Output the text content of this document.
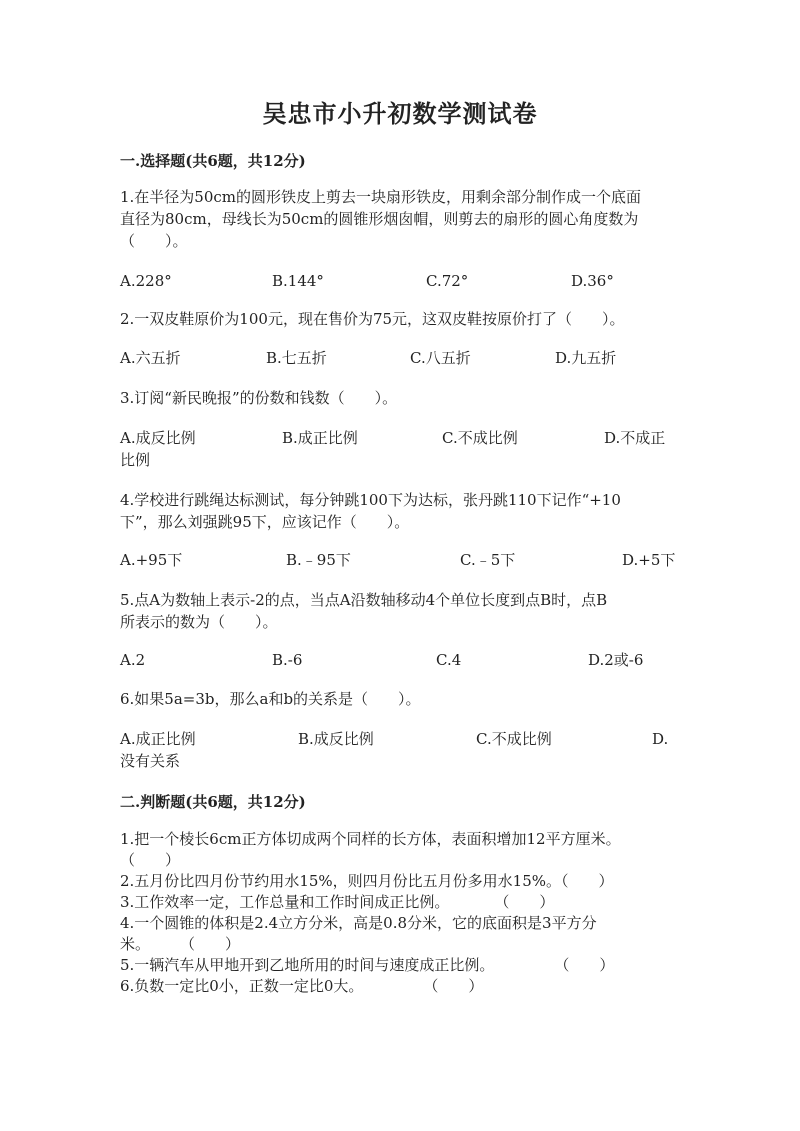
吴忠市小升初数学测试卷
一.选择题(共6题，共12分)
1.在半径为50cm的圆形铁皮上剪去一块扇形铁皮，用剩余部分制作成一个底面
直径为80cm，母线长为50cm的圆锥形烟囱帽，则剪去的扇形的圆心角度数为
（　　）。
A.228°	B.144°	C.72°	D.36°
2.一双皮鞋原价为100元，现在售价为75元，这双皮鞋按原价打了（　　）。
A.六五折	B.七五折	C.八五折	D.九五折
3.订阅“新民晚报”的份数和钱数（　　）。
A.成反比例	B.成正比例	C.不成比例	D.不成正
比例
4.学校进行跳绳达标测试，每分钟跳100下为达标，张丹跳110下记作“+10
下”，那么刘强跳95下，应该记作（　　）。
A.+95下	B.﹣95下	C.﹣5下	D.+5下
5.点A为数轴上表示-2的点，当点A沿数轴移动4个单位长度到点B时，点B
所表示的数为（　　）。
A.2	B.-6	C.4	D.2或-6
6.如果5a=3b，那么a和b的关系是（　　）。
A.成正比例	B.成反比例	C.不成比例	D.
没有关系
二.判断题(共6题，共12分)
1.把一个棱长6cm正方体切成两个同样的长方体，表面积增加12平方厘米。
（　　）
2.五月份比四月份节约用水15%，则四月份比五月份多用水15%。（　　）
3.工作效率一定，工作总量和工作时间成正比例。　　　　（　　）
4.一个圆锥的体积是2.4立方分米，高是0.8分米，它的底面积是3平方分
米。　　　（　　）
5.一辆汽车从甲地开到乙地所用的时间与速度成正比例。　　　　　（　　）
6.负数一定比0小，正数一定比0大。　　　　　（　　）
